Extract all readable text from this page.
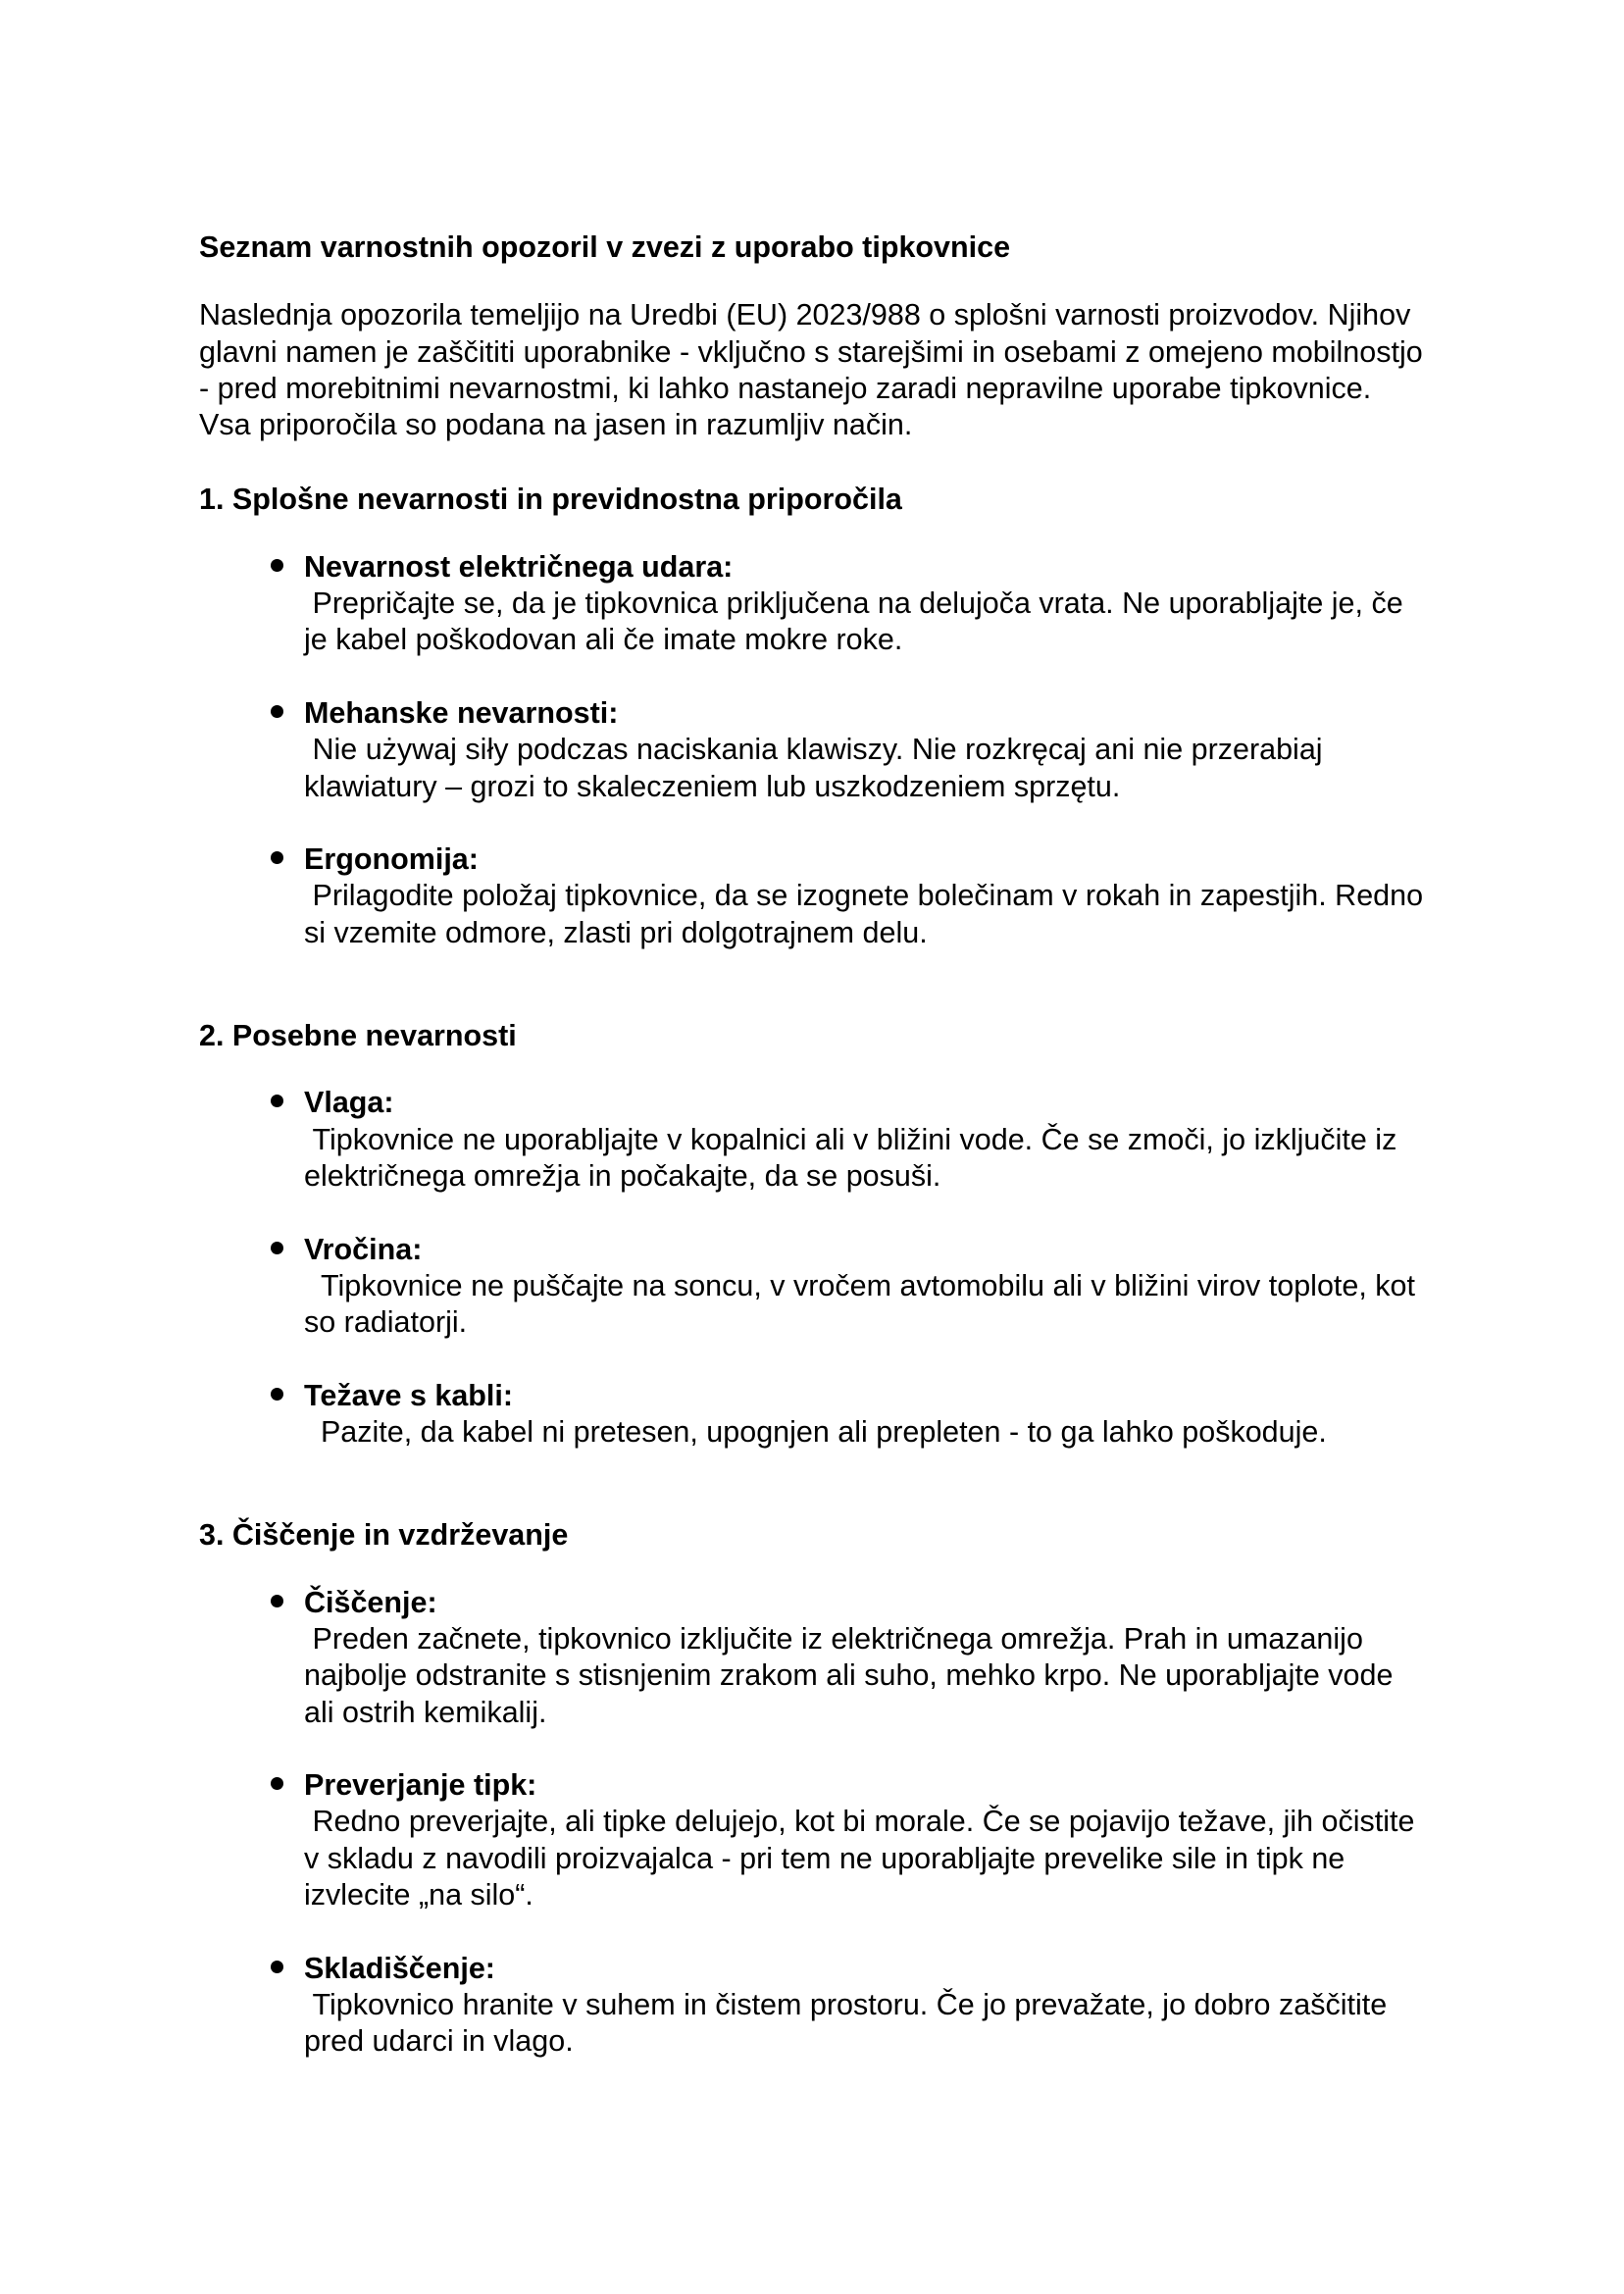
Seznam varnostnih opozoril v zvezi z uporabo tipkovnice

Naslednja opozorila temeljijo na Uredbi (EU) 2023/988 o splošni varnosti proizvodov. Njihov glavni namen je zaščititi uporabnike - vključno s starejšimi in osebami z omejeno mobilnostjo - pred morebitnimi nevarnostmi, ki lahko nastanejo zaradi nepravilne uporabe tipkovnice. Vsa priporočila so podana na jasen in razumljiv način.

1. Splošne nevarnosti in previdnostna priporočila
Nevarnost električnega udara:
Prepričajte se, da je tipkovnica priključena na delujoča vrata. Ne uporabljajte je, če je kabel poškodovan ali če imate mokre roke.
Mehanske nevarnosti:
Nie używaj siły podczas naciskania klawiszy. Nie rozkręcaj ani nie przerabiaj klawiatury – grozi to skaleczeniem lub uszkodzeniem sprzętu.
Ergonomija:
Prilagodite položaj tipkovnice, da se izognete bolečinam v rokah in zapestjih. Redno si vzemite odmore, zlasti pri dolgotrajnem delu.
2. Posebne nevarnosti
Vlaga:
Tipkovnice ne uporabljajte v kopalnici ali v bližini vode. Če se zmoči, jo izključite iz električnega omrežja in počakajte, da se posuši.
Vročina:
Tipkovnice ne puščajte na soncu, v vročem avtomobilu ali v bližini virov toplote, kot so radiatorji.
Težave s kabli:
Pazite, da kabel ni pretesen, upognjen ali prepleten - to ga lahko poškoduje.
3. Čiščenje in vzdrževanje
Čiščenje:
Preden začnete, tipkovnico izključite iz električnega omrežja. Prah in umazanijo najbolje odstranite s stisnjenim zrakom ali suho, mehko krpo. Ne uporabljajte vode ali ostrih kemikalij.
Preverjanje tipk:
Redno preverjajte, ali tipke delujejo, kot bi morale. Če se pojavijo težave, jih očistite v skladu z navodili proizvajalca - pri tem ne uporabljajte prevelike sile in tipk ne izvlecite „na silo“.
Skladiščenje:
Tipkovnico hranite v suhem in čistem prostoru. Če jo prevažate, jo dobro zaščitite pred udarci in vlago.
